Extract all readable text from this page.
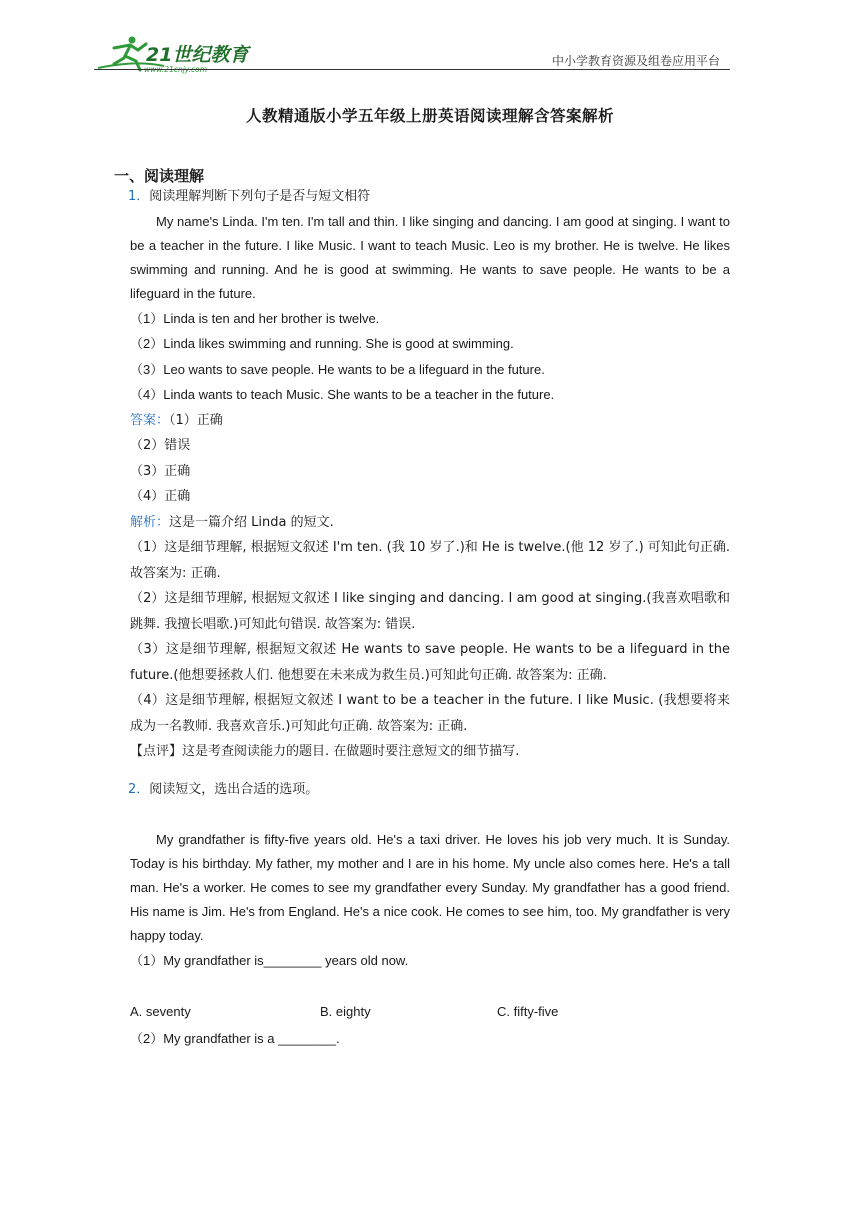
21世纪教育
www.21cnjy.com
中小学教育资源及组卷应用平台
人教精通版小学五年级上册英语阅读理解含答案解析
一、阅读理解

1．阅读理解判断下列句子是否与短文相符

My name's Linda. I'm ten. I'm tall and thin. I like singing and dancing. I am good at singing. I want to be a teacher in the future. I like Music. I want to teach Music. Leo is my brother. He is twelve. He likes swimming and running. And he is good at swimming. He wants to save people. He wants to be a lifeguard in the future.

（1）Linda is ten and her brother is twelve.

（2）Linda likes swimming and running. She is good at swimming.

（3）Leo wants to save people. He wants to be a lifeguard in the future.

（4）Linda wants to teach Music. She wants to be a teacher in the future.

答案：（1）正确

（2）错误

（3）正确

（4）正确

解析：这是一篇介绍 Linda 的短文.

（1）这是细节理解, 根据短文叙述 I'm ten. (我 10 岁了.)和 He is twelve.(他 12 岁了.) 可知此句正确. 故答案为: 正确.

（2）这是细节理解, 根据短文叙述 I like singing and dancing. I am good at singing.(我喜欢唱歌和跳舞. 我擅长唱歌.)可知此句错误. 故答案为: 错误.

（3）这是细节理解, 根据短文叙述 He wants to save people. He wants to be a lifeguard in the future.(他想要拯救人们. 他想要在未来成为救生员.)可知此句正确. 故答案为: 正确.

（4）这是细节理解, 根据短文叙述 I want to be a teacher in the future. I like Music. (我想要将来成为一名教师. 我喜欢音乐.)可知此句正确. 故答案为: 正确.

【点评】这是考查阅读能力的题目. 在做题时要注意短文的细节描写.

2．阅读短文，选出合适的选项。

My grandfather is fifty-five years old. He's a taxi driver. He loves his job very much. It is Sunday. Today is his birthday. My father, my mother and I are in his home. My uncle also comes here. He's a tall man. He's a worker. He comes to see my grandfather every Sunday. My grandfather has a good friend. His name is Jim. He's from England. He's a nice cook. He comes to see him, too. My grandfather is very happy today.

（1）My grandfather is________ years old now.

A. seventy	B. eighty	C. fifty-five

（2）My grandfather is a ________.
